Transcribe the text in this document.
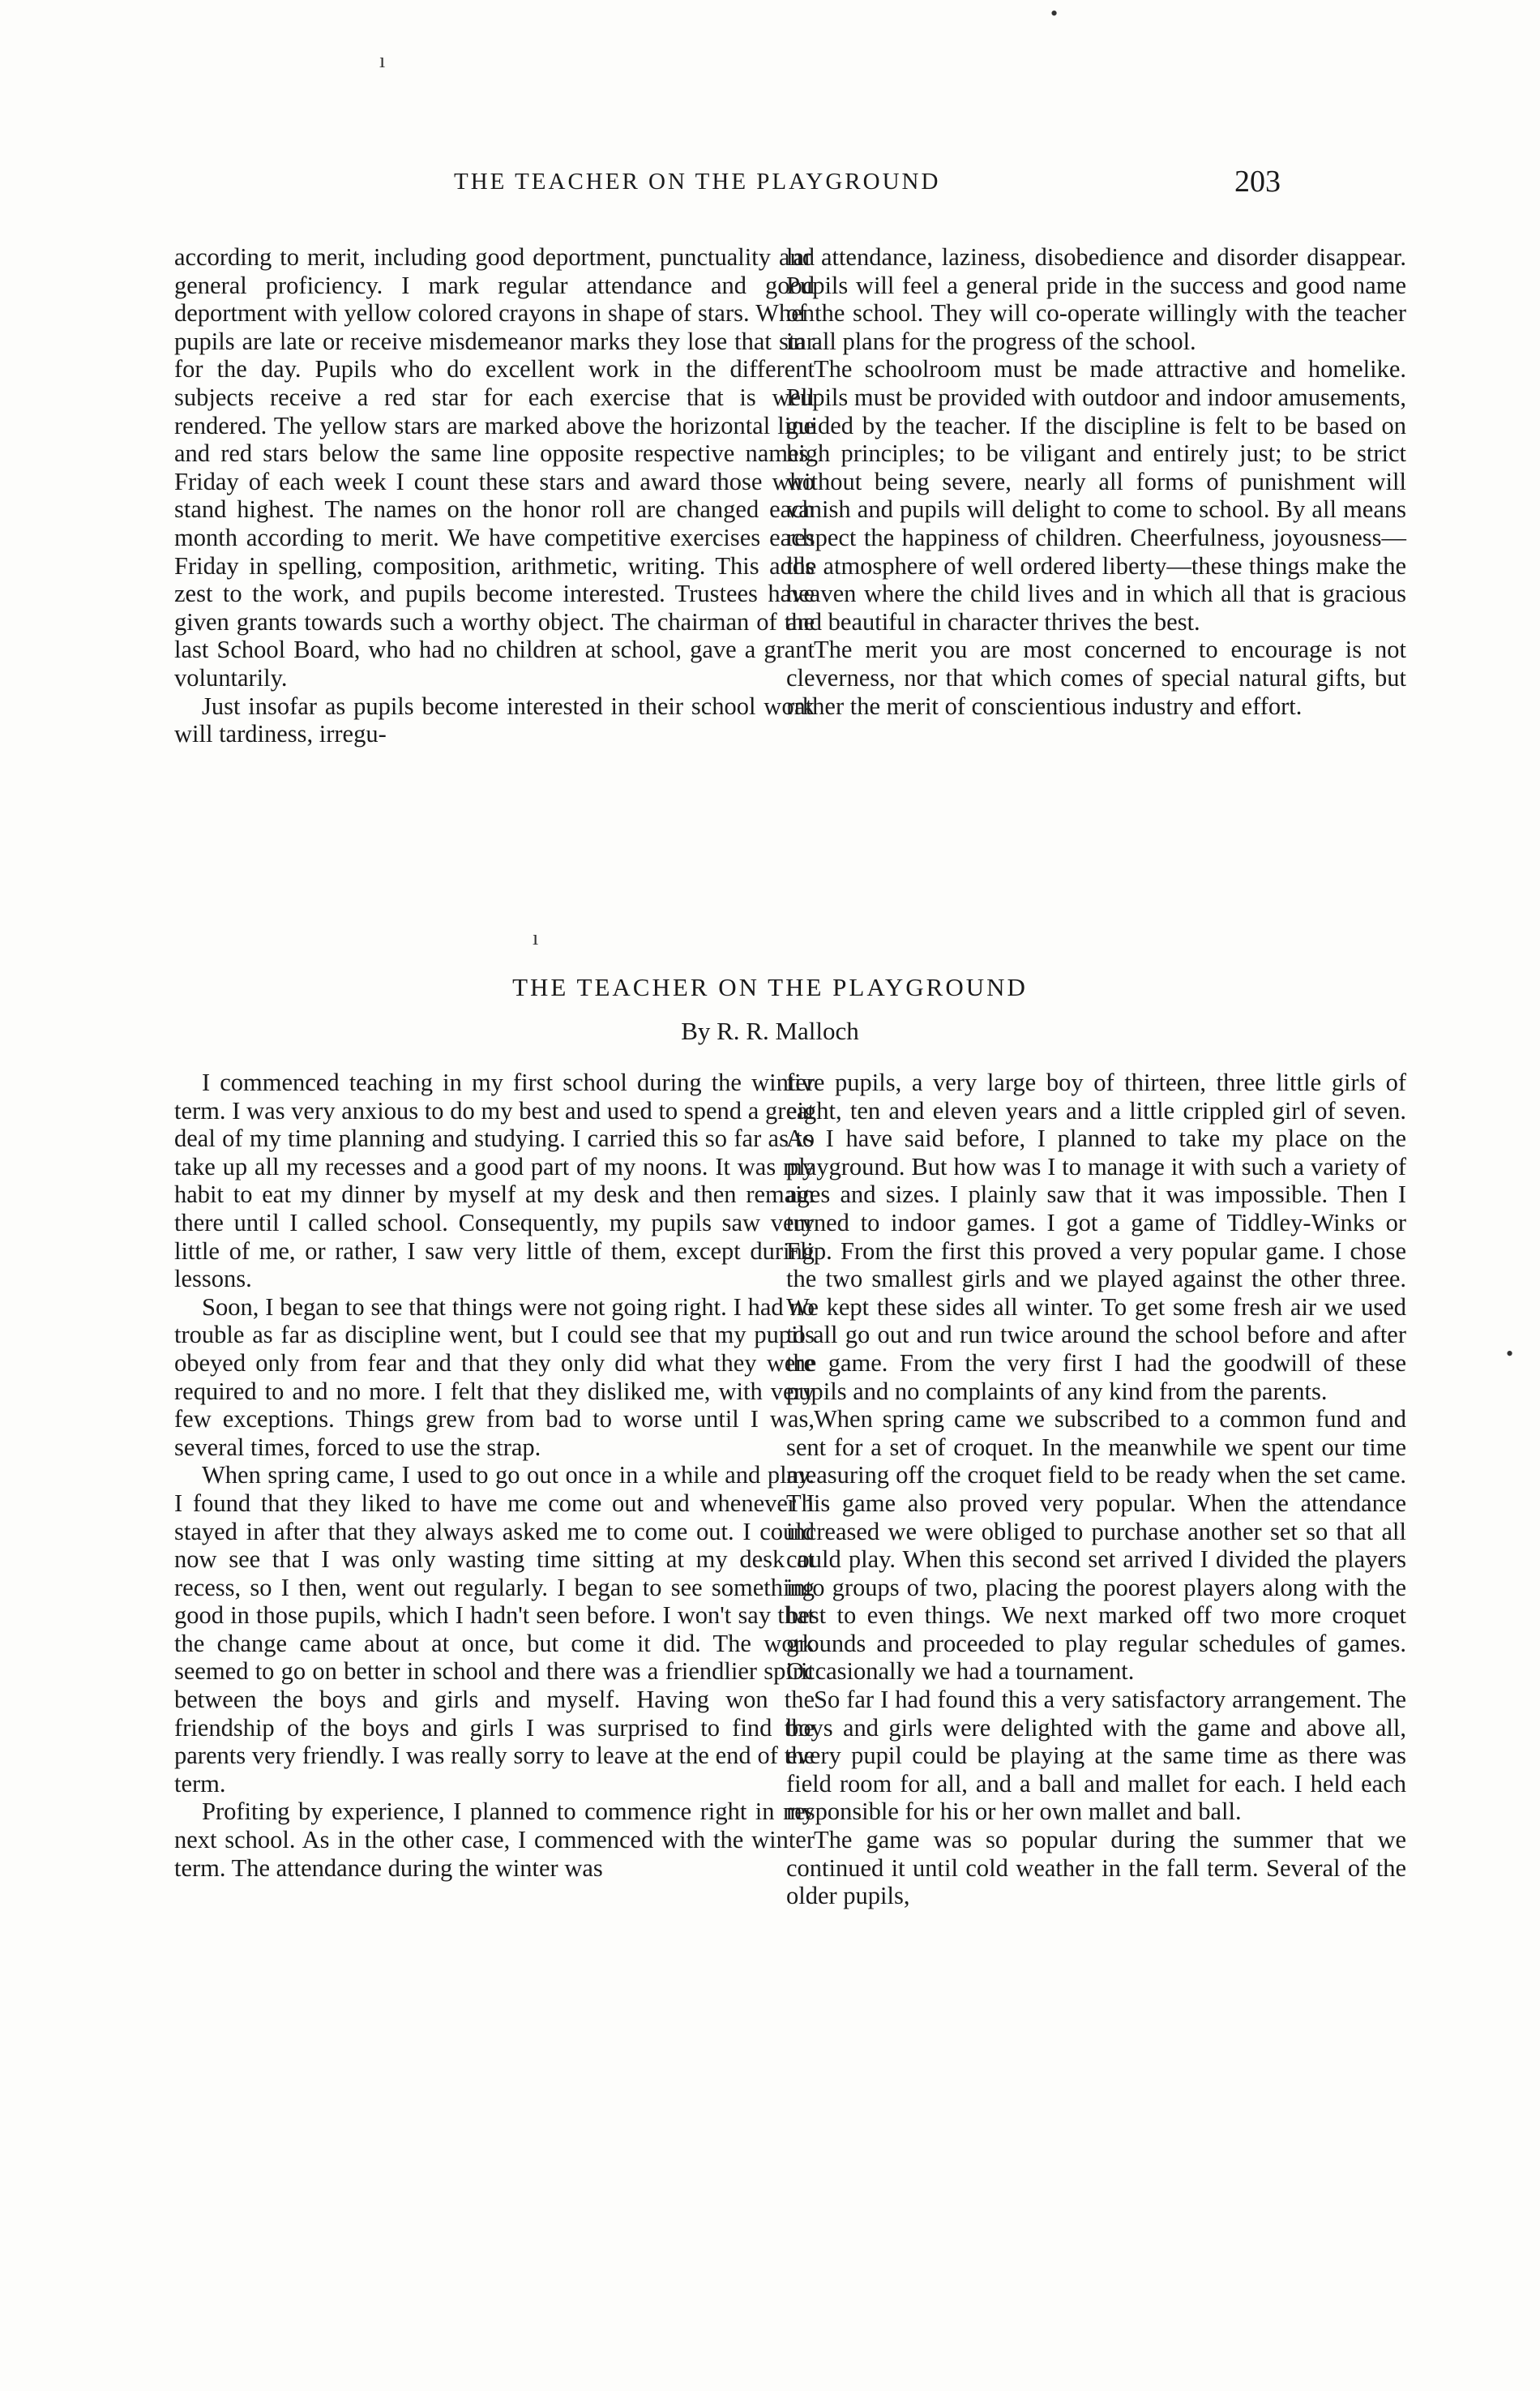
THE TEACHER ON THE PLAYGROUND	203

according to merit, including good deportment, punctuality and general proficiency. I mark regular attendance and good deportment with yellow colored crayons in shape of stars. When pupils are late or receive misdemeanor marks they lose that star for the day. Pupils who do excellent work in the different subjects receive a red star for each exercise that is well rendered. The yellow stars are marked above the horizontal line and red stars below the same line opposite respective names. Friday of each week I count these stars and award those who stand highest. The names on the honor roll are changed each month according to merit. We have competitive exercises each Friday in spelling, composition, arithmetic, writing. This adds zest to the work, and pupils become interested. Trustees have given grants towards such a worthy object. The chairman of the last School Board, who had no children at school, gave a grant voluntarily.

Just insofar as pupils become interested in their school work will tardiness, irregu-

lar attendance, laziness, disobedience and disorder disappear. Pupils will feel a general pride in the success and good name of the school. They will co-operate willingly with the teacher in all plans for the progress of the school.

The schoolroom must be made attractive and homelike. Pupils must be provided with outdoor and indoor amusements, guided by the teacher. If the discipline is felt to be based on high principles; to be viligant and entirely just; to be strict without being severe, nearly all forms of punishment will vanish and pupils will delight to come to school. By all means respect the happiness of children. Cheerfulness, joyousness—the atmosphere of well ordered liberty—these things make the heaven where the child lives and in which all that is gracious and beautiful in character thrives the best.

The merit you are most concerned to encourage is not cleverness, nor that which comes of special natural gifts, but rather the merit of conscientious industry and effort.

THE TEACHER ON THE PLAYGROUND
By R. R. Malloch

I commenced teaching in my first school during the winter term. I was very anxious to do my best and used to spend a great deal of my time planning and studying. I carried this so far as to take up all my recesses and a good part of my noons. It was my habit to eat my dinner by myself at my desk and then remain there until I called school. Consequently, my pupils saw very little of me, or rather, I saw very little of them, except during lessons.

Soon, I began to see that things were not going right. I had no trouble as far as discipline went, but I could see that my pupils obeyed only from fear and that they only did what they were required to and no more. I felt that they disliked me, with very few exceptions. Things grew from bad to worse until I was, several times, forced to use the strap.

When spring came, I used to go out once in a while and play. I found that they liked to have me come out and whenever I stayed in after that they always asked me to come out. I could now see that I was only wasting time sitting at my desk at recess, so I then, went out regularly. I began to see something good in those pupils, which I hadn't seen before. I won't say that the change came about at once, but come it did. The work seemed to go on better in school and there was a friendlier spirit between the boys and girls and myself. Having won the friendship of the boys and girls I was surprised to find the parents very friendly. I was really sorry to leave at the end of the term.

Profiting by experience, I planned to commence right in my next school. As in the other case, I commenced with the winter term. The attendance during the winter was

five pupils, a very large boy of thirteen, three little girls of eight, ten and eleven years and a little crippled girl of seven. As I have said before, I planned to take my place on the playground. But how was I to manage it with such a variety of ages and sizes. I plainly saw that it was impossible. Then I turned to indoor games. I got a game of Tiddley-Winks or Flip. From the first this proved a very popular game. I chose the two smallest girls and we played against the other three. We kept these sides all winter. To get some fresh air we used to all go out and run twice around the school before and after the game. From the very first I had the goodwill of these pupils and no complaints of any kind from the parents.

When spring came we subscribed to a common fund and sent for a set of croquet. In the meanwhile we spent our time measuring off the croquet field to be ready when the set came. This game also proved very popular. When the attendance increased we were obliged to purchase another set so that all could play. When this second set arrived I divided the players into groups of two, placing the poorest players along with the best to even things. We next marked off two more croquet grounds and proceeded to play regular schedules of games. Occasionally we had a tournament.

So far I had found this a very satisfactory arrangement. The boys and girls were delighted with the game and above all, every pupil could be playing at the same time as there was field room for all, and a ball and mallet for each. I held each responsible for his or her own mallet and ball.

The game was so popular during the summer that we continued it until cold weather in the fall term. Several of the older pupils,

•
ı
ı
•
